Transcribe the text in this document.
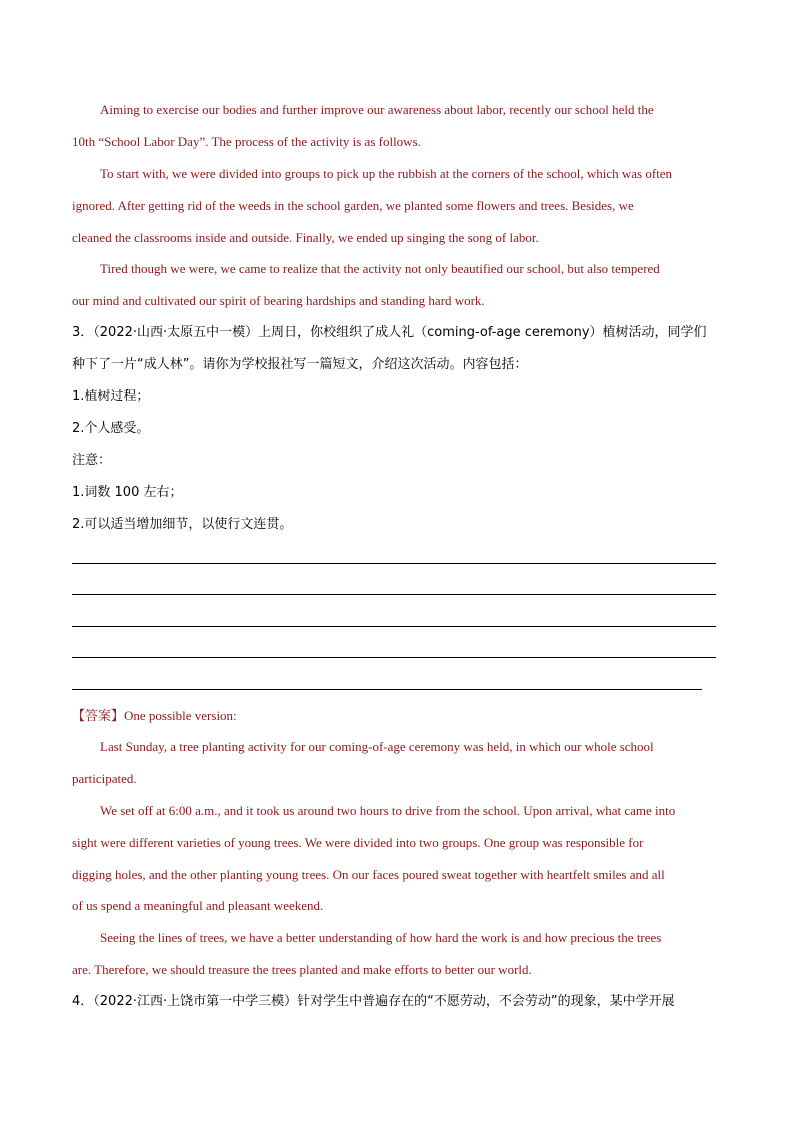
Aiming to exercise our bodies and further improve our awareness about labor, recently our school held the
10th “School Labor Day”. The process of the activity is as follows.
To start with, we were divided into groups to pick up the rubbish at the corners of the school, which was often
ignored. After getting rid of the weeds in the school garden, we planted some flowers and trees. Besides, we
cleaned the classrooms inside and outside. Finally, we ended up singing the song of labor.
Tired though we were, we came to realize that the activity not only beautified our school, but also tempered
our mind and cultivated our spirit of bearing hardships and standing hard work.
3．（2022·山西·太原五中一模）上周日，你校组织了成人礼（coming-of-age ceremony）植树活动，同学们
种下了一片“成人林”。请你为学校报社写一篇短文，介绍这次活动。内容包括：
1.植树过程；
2.个人感受。
注意：
1.词数 100 左右；
2.可以适当增加细节，以使行文连贯。
【答案】One possible version:
Last Sunday, a tree planting activity for our coming-of-age ceremony was held, in which our whole school
participated.
We set off at 6:00 a.m., and it took us around two hours to drive from the school. Upon arrival, what came into
sight were different varieties of young trees. We were divided into two groups. One group was responsible for
digging holes, and the other planting young trees. On our faces poured sweat together with heartfelt smiles and all
of us spend a meaningful and pleasant weekend.
Seeing the lines of trees, we have a better understanding of how hard the work is and how precious the trees
are. Therefore, we should treasure the trees planted and make efforts to better our world.
4．（2022·江西·上饶市第一中学三模）针对学生中普遍存在的“不愿劳动，不会劳动”的现象，某中学开展
